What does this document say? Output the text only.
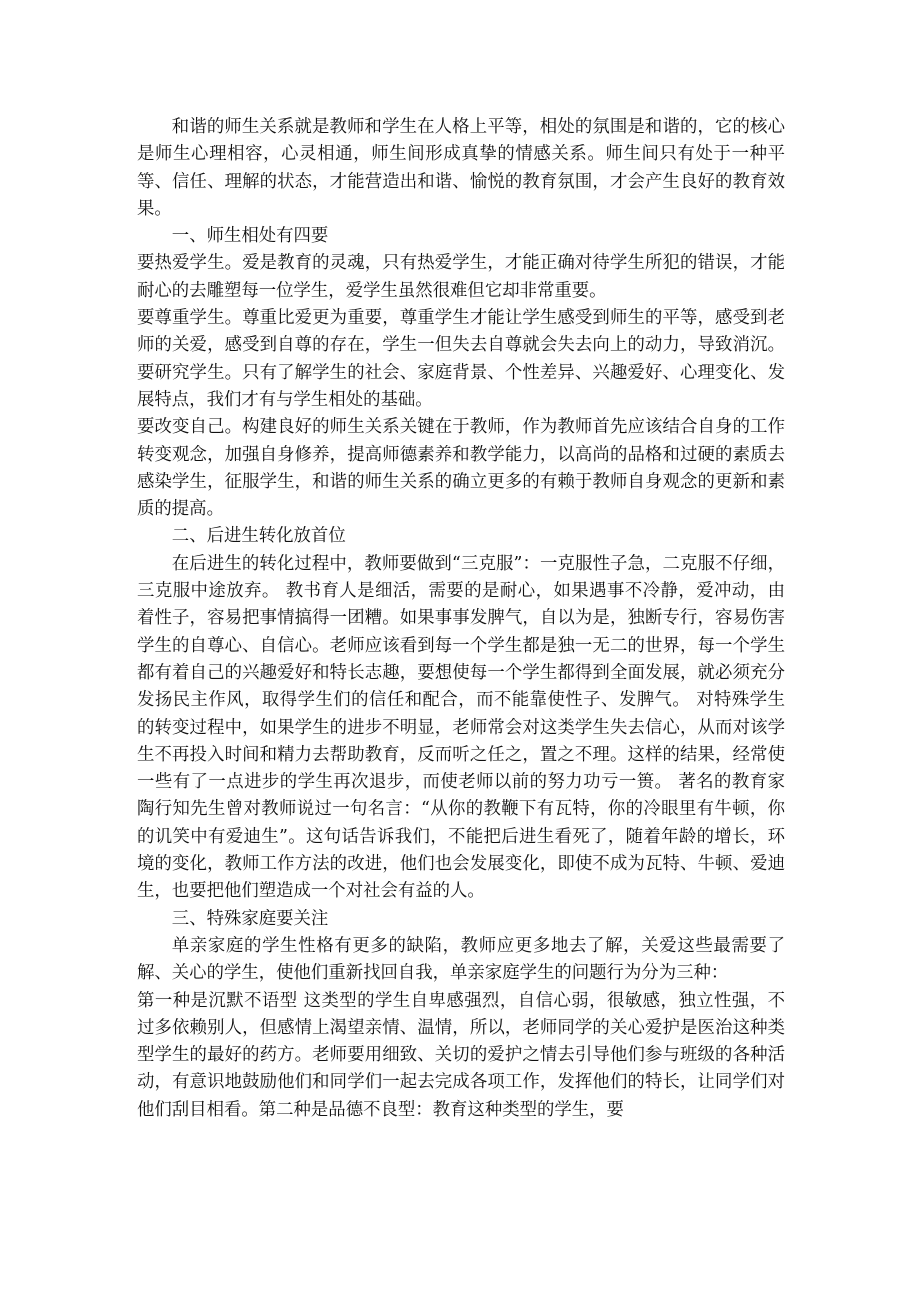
和谐的师生关系就是教师和学生在人格上平等，相处的氛围是和谐的，它的核心是师生心理相容，心灵相通，师生间形成真挚的情感关系。师生间只有处于一种平等、信任、理解的状态，才能营造出和谐、愉悦的教育氛围，才会产生良好的教育效果。

一、师生相处有四要

要热爱学生。爱是教育的灵魂，只有热爱学生，才能正确对待学生所犯的错误，才能耐心的去雕塑每一位学生，爱学生虽然很难但它却非常重要。

要尊重学生。尊重比爱更为重要，尊重学生才能让学生感受到师生的平等，感受到老师的关爱，感受到自尊的存在，学生一但失去自尊就会失去向上的动力，导致消沉。要研究学生。只有了解学生的社会、家庭背景、个性差异、兴趣爱好、心理变化、发展特点，我们才有与学生相处的基础。

要改变自己。构建良好的师生关系关键在于教师，作为教师首先应该结合自身的工作转变观念，加强自身修养，提高师德素养和教学能力，以高尚的品格和过硬的素质去感染学生，征服学生，和谐的师生关系的确立更多的有赖于教师自身观念的更新和素质的提高。

二、后进生转化放首位

在后进生的转化过程中，教师要做到“三克服”：一克服性子急，二克服不仔细，三克服中途放弃。 教书育人是细活，需要的是耐心，如果遇事不冷静，爱冲动，由着性子，容易把事情搞得一团糟。如果事事发脾气，自以为是，独断专行，容易伤害学生的自尊心、自信心。老师应该看到每一个学生都是独一无二的世界，每一个学生都有着自己的兴趣爱好和特长志趣，要想使每一个学生都得到全面发展，就必须充分发扬民主作风，取得学生们的信任和配合，而不能靠使性子、发脾气。 对特殊学生的转变过程中，如果学生的进步不明显，老师常会对这类学生失去信心，从而对该学生不再投入时间和精力去帮助教育，反而听之任之，置之不理。这样的结果，经常使一些有了一点进步的学生再次退步，而使老师以前的努力功亏一篑。 著名的教育家陶行知先生曾对教师说过一句名言：“从你的教鞭下有瓦特，你的冷眼里有牛顿，你的讥笑中有爱迪生”。这句话告诉我们，不能把后进生看死了，随着年龄的增长，环境的变化，教师工作方法的改进，他们也会发展变化，即使不成为瓦特、牛顿、爱迪生，也要把他们塑造成一个对社会有益的人。

三、特殊家庭要关注

单亲家庭的学生性格有更多的缺陷，教师应更多地去了解，关爱这些最需要了解、关心的学生，使他们重新找回自我，单亲家庭学生的问题行为分为三种：

第一种是沉默不语型 这类型的学生自卑感强烈，自信心弱，很敏感，独立性强，不过多依赖别人，但感情上渴望亲情、温情，所以，老师同学的关心爱护是医治这种类型学生的最好的药方。老师要用细致、关切的爱护之情去引导他们参与班级的各种活动，有意识地鼓励他们和同学们一起去完成各项工作，发挥他们的特长，让同学们对他们刮目相看。第二种是品德不良型：教育这种类型的学生，要
